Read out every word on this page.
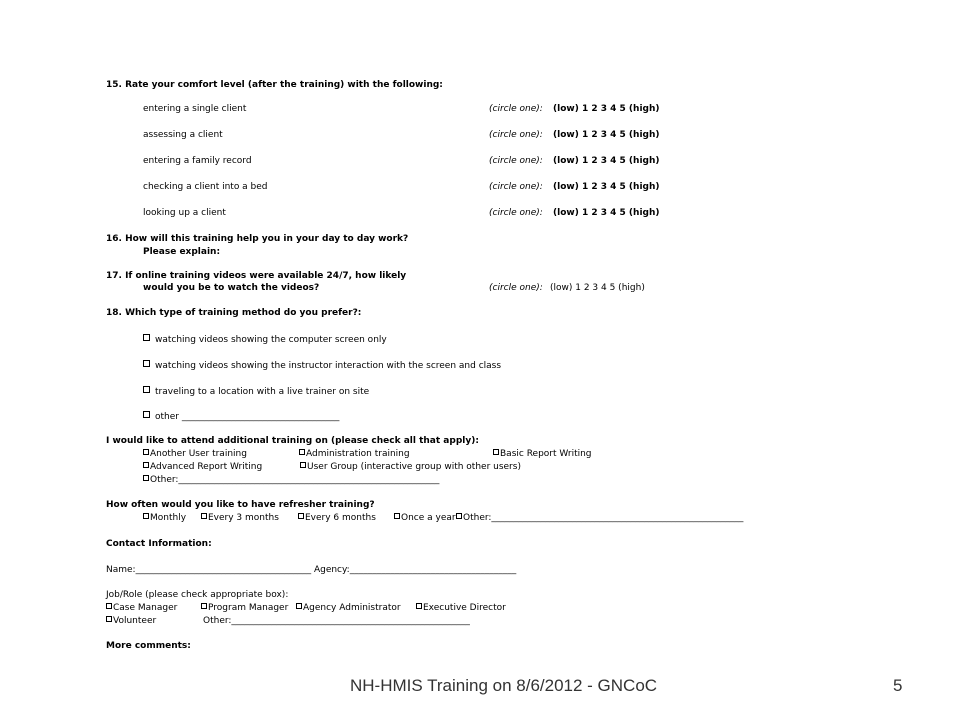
15. Rate your comfort level (after the training) with the following:
entering a single client	(circle one): (low) 1 2 3 4 5 (high)
assessing a client	(circle one): (low) 1 2 3 4 5 (high)
entering a family record	(circle one): (low) 1 2 3 4 5 (high)
checking a client into a bed	(circle one): (low) 1 2 3 4 5 (high)
looking up a client	(circle one): (low) 1 2 3 4 5 (high)
16. How will this training help you in your day to day work?
Please explain:
17. If online training videos were available 24/7, how likely
would you be to watch the videos?	(circle one): (low) 1 2 3 4 5 (high)
18. Which type of training method do you prefer?:
watching videos showing the computer screen only
watching videos showing the instructor interaction with the screen and class
traveling to a location with a live trainer on site
other ___________________________________
I would like to attend additional training on (please check all that apply):
Another User training	Administration training	Basic Report Writing
Advanced Report Writing	User Group (interactive group with other users)
Other:__________________________________________________________
How often would you like to have refresher training?
Monthly	Every 3 months	Every 6 months	Once a year Other:________________________________________________________
Contact Information:
Name:_______________________________________ Agency:_____________________________________
Job/Role (please check appropriate box):
Case Manager	Program Manager	Agency Administrator	Executive Director
Volunteer	Other:_____________________________________________________
More comments:
NH-HMIS Training on 8/6/2012 - GNCoC	5
